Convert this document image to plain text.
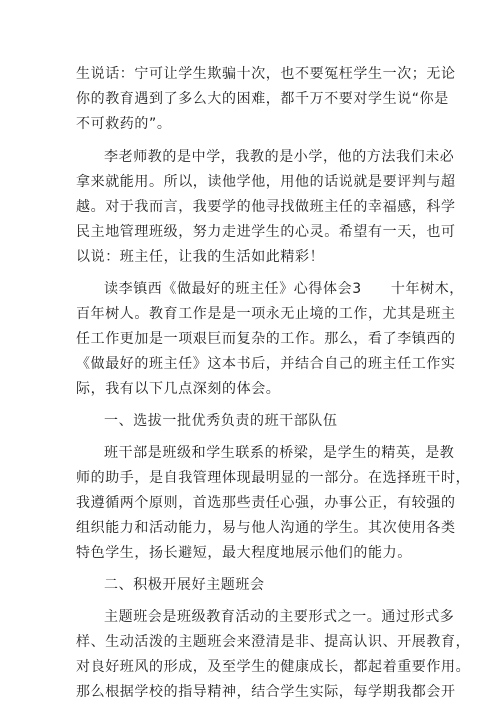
生说话：宁可让学生欺骗十次，也不要冤枉学生一次；无论
你的教育遇到了多么大的困难，都千万不要对学生说“你是
不可救药的”。
李老师教的是中学，我教的是小学，他的方法我们未必
拿来就能用。所以，读他学他，用他的话说就是要评判与超
越。对于我而言，我要学的他寻找做班主任的幸福感，科学
民主地管理班级，努力走进学生的心灵。希望有一天，也可
以说：班主任，让我的生活如此精彩！
读李镇西《做最好的班主任》心得体会3　　十年树木，
百年树人。教育工作是是一项永无止境的工作，尤其是班主
任工作更加是一项艰巨而复杂的工作。那么，看了李镇西的
《做最好的班主任》这本书后，并结合自己的班主任工作实
际，我有以下几点深刻的体会。
一、选拔一批优秀负责的班干部队伍
班干部是班级和学生联系的桥梁，是学生的精英，是教
师的助手，是自我管理体现最明显的一部分。在选择班干时，
我遵循两个原则，首选那些责任心强，办事公正，有较强的
组织能力和活动能力，易与他人沟通的学生。其次使用各类
特色学生，扬长避短，最大程度地展示他们的能力。
二、积极开展好主题班会
主题班会是班级教育活动的主要形式之一。通过形式多
样、生动活泼的主题班会来澄清是非、提高认识、开展教育，
对良好班风的形成，及至学生的健康成长，都起着重要作用。
那么根据学校的指导精神，结合学生实际，每学期我都会开
